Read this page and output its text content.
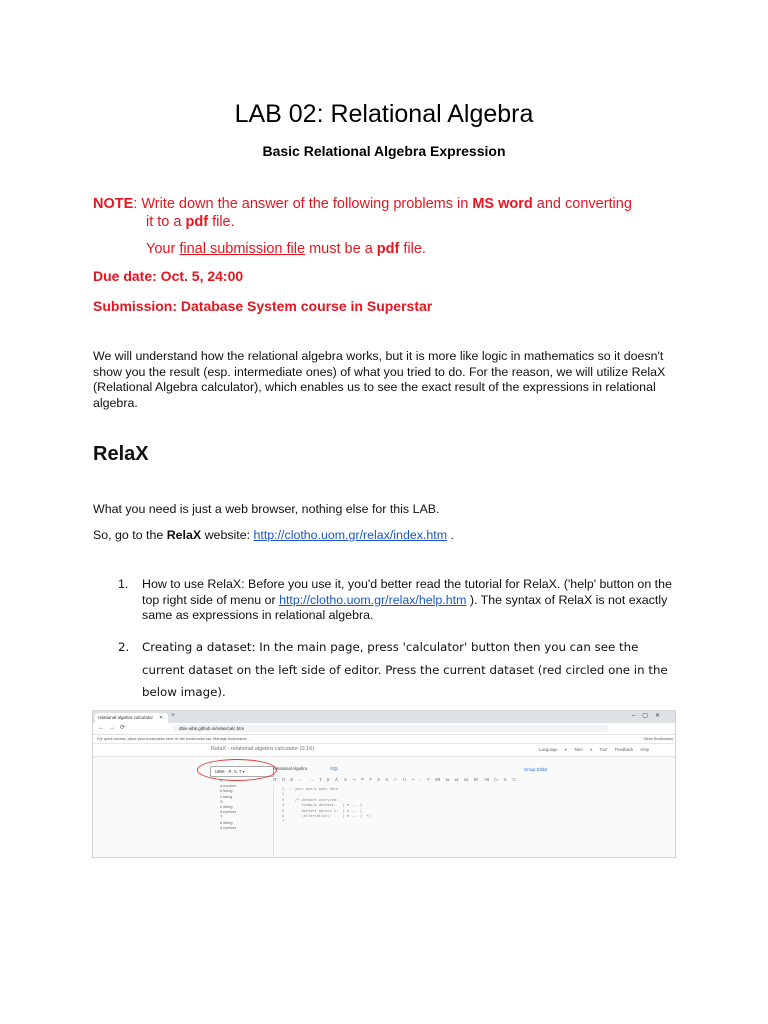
LAB 02: Relational Algebra
Basic Relational Algebra Expression
NOTE: Write down the answer of the following problems in MS word and converting
it to a pdf file.
Your final submission file must be a pdf file.
Due date: Oct. 5, 24:00
Submission: Database System course in Superstar
We will understand how the relational algebra works, but it is more like logic in mathematics so it doesn't show you the result (esp. intermediate ones) of what you tried to do. For the reason, we will utilize RelaX (Relational Algebra calculator), which enables us to see the exact result of the expressions in relational algebra.
RelaX
What you need is just a web browser, nothing else for this LAB.
So, go to the RelaX website: http://clotho.uom.gr/relax/index.htm .
1. How to use RelaX: Before you use it, you'd better read the tutorial for RelaX. ('help' button on the top right side of menu or http://clotho.uom.gr/relax/help.htm ). The syntax of RelaX is not exactly same as expressions in relational algebra.
2. Creating a dataset: In the main page, press 'calculator' button then you can see the current dataset on the left side of editor. Press the current dataset (red circled one in the below image).
relational algebra calculator ✕ +	–▢✕
←→⟳	dbis-uibk.github.io/relax/calc.htm
For quick access, place your bookmarks here on the bookmarks bar. Manage bookmarks...	Other Bookmarks
RelaX - relational algebra calculator (0.16)	Language ▾ Take a Tour Feedback Help
UIBK - R, S, T ▾
R
a number
b string
c string
S
b string
d number
T
b string
d number
Relational Algebra	SQL	Group Editor
π σ ρ ← → τ γ ∧ ∨ ¬ = ≠ ≥ ≤ ∩ ∪ ÷ - × ⋈ ⟕ ⟖ ⟗ ⋉ ⋊ ▷ ≡ ⊂
1  -- your query goes here
2
3     /* dataset overview:
4        example dataset:   [ π ... ]
5        dataset option x:  [ π ... ]
6        (alternative):     [ π ... ]  */
7
